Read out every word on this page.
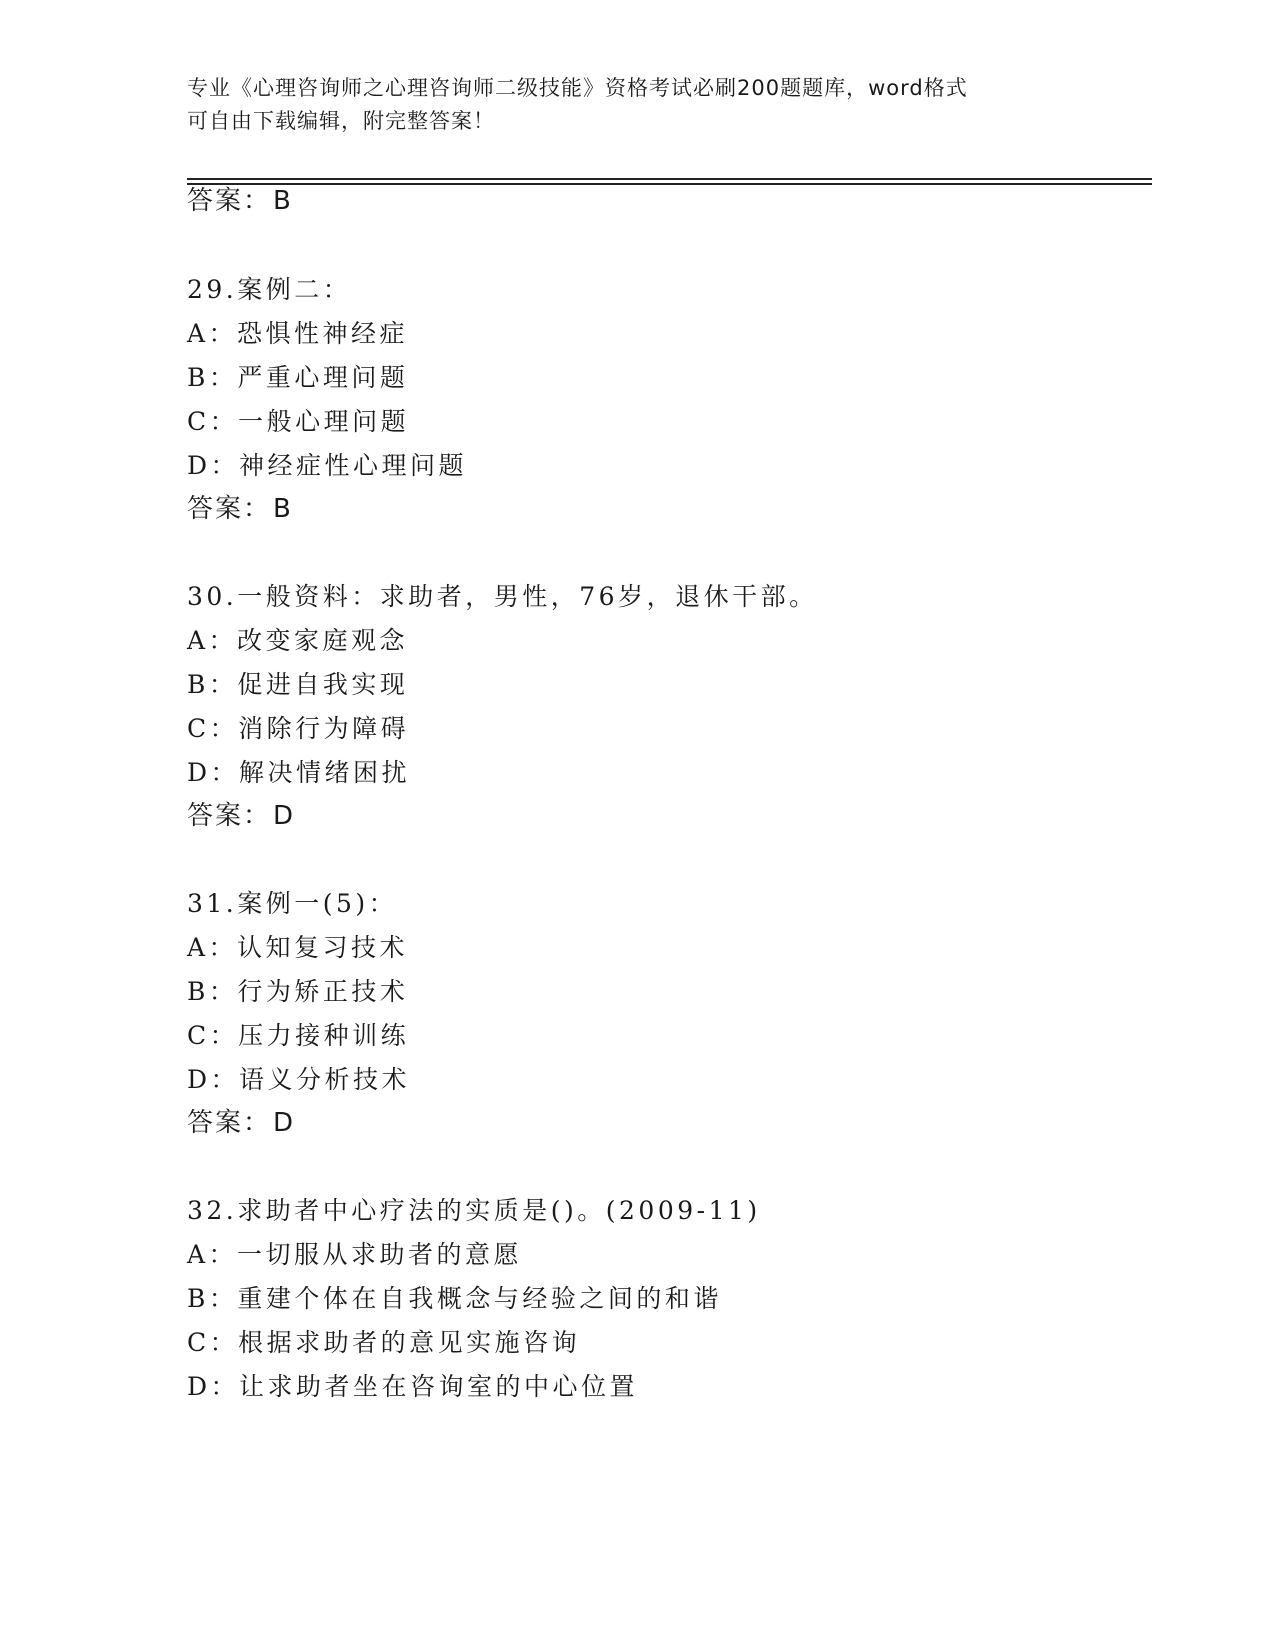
专业《心理咨询师之心理咨询师二级技能》资格考试必刷200题题库，word格式
可自由下载编辑，附完整答案！
答案：B
29.案例二：
A：恐惧性神经症
B：严重心理问题
C：一般心理问题
D：神经症性心理问题
答案：B
30.一般资料：求助者，男性，76岁，退休干部。
A：改变家庭观念
B：促进自我实现
C：消除行为障碍
D：解决情绪困扰
答案：D
31.案例一(5)：
A：认知复习技术
B：行为矫正技术
C：压力接种训练
D：语义分析技术
答案：D
32.求助者中心疗法的实质是()。(2009-11)
A：一切服从求助者的意愿
B：重建个体在自我概念与经验之间的和谐
C：根据求助者的意见实施咨询
D：让求助者坐在咨询室的中心位置
